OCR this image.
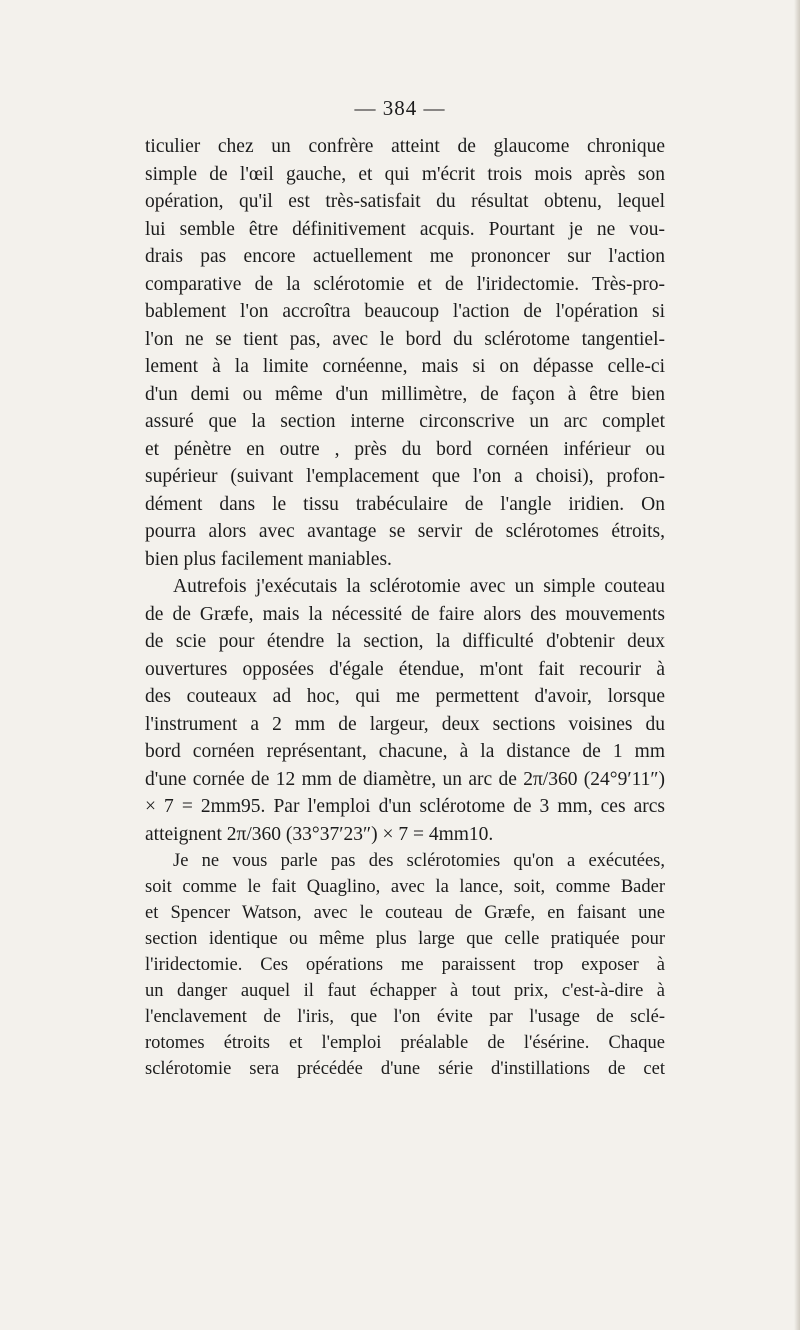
— 384 —
ticulier chez un confrère atteint de glaucome chronique
simple de l'œil gauche, et qui m'écrit trois mois après son
opération, qu'il est très-satisfait du résultat obtenu, lequel
lui semble être définitivement acquis. Pourtant je ne vou-
drais pas encore actuellement me prononcer sur l'action
comparative de la sclérotomie et de l'iridectomie. Très-pro-
bablement l'on accroîtra beaucoup l'action de l'opération si
l'on ne se tient pas, avec le bord du sclérotome tangentiel-
lement à la limite cornéenne, mais si on dépasse celle-ci
d'un demi ou même d'un millimètre, de façon à être bien
assuré que la section interne circonscrive un arc complet
et pénètre en outre , près du bord cornéen inférieur ou
supérieur (suivant l'emplacement que l'on a choisi), profon-
dément dans le tissu trabéculaire de l'angle iridien. On
pourra alors avec avantage se servir de sclérotomes étroits,
bien plus facilement maniables.
Autrefois j'exécutais la sclérotomie avec un simple couteau
de de Græfe, mais la nécessité de faire alors des mouvements
de scie pour étendre la section, la difficulté d'obtenir deux
ouvertures opposées d'égale étendue, m'ont fait recourir à
des couteaux ad hoc, qui me permettent d'avoir, lorsque
l'instrument a 2 mm de largeur, deux sections voisines du
bord cornéen représentant, chacune, à la distance de 1 mm
d'une cornée de 12 mm de diamètre, un arc de 2π/360 (24°9′11″)
× 7 = 2mm95. Par l'emploi d'un sclérotome de 3 mm, ces arcs
atteignent 2π/360 (33°37′23″) × 7 = 4mm10.
Je ne vous parle pas des sclérotomies qu'on a exécutées,
soit comme le fait Quaglino, avec la lance, soit, comme Bader
et Spencer Watson, avec le couteau de Græfe, en faisant une
section identique ou même plus large que celle pratiquée pour
l'iridectomie. Ces opérations me paraissent trop exposer à
un danger auquel il faut échapper à tout prix, c'est-à-dire à
l'enclavement de l'iris, que l'on évite par l'usage de sclé-
rotomes étroits et l'emploi préalable de l'ésérine. Chaque
sclérotomie sera précédée d'une série d'instillations de cet
